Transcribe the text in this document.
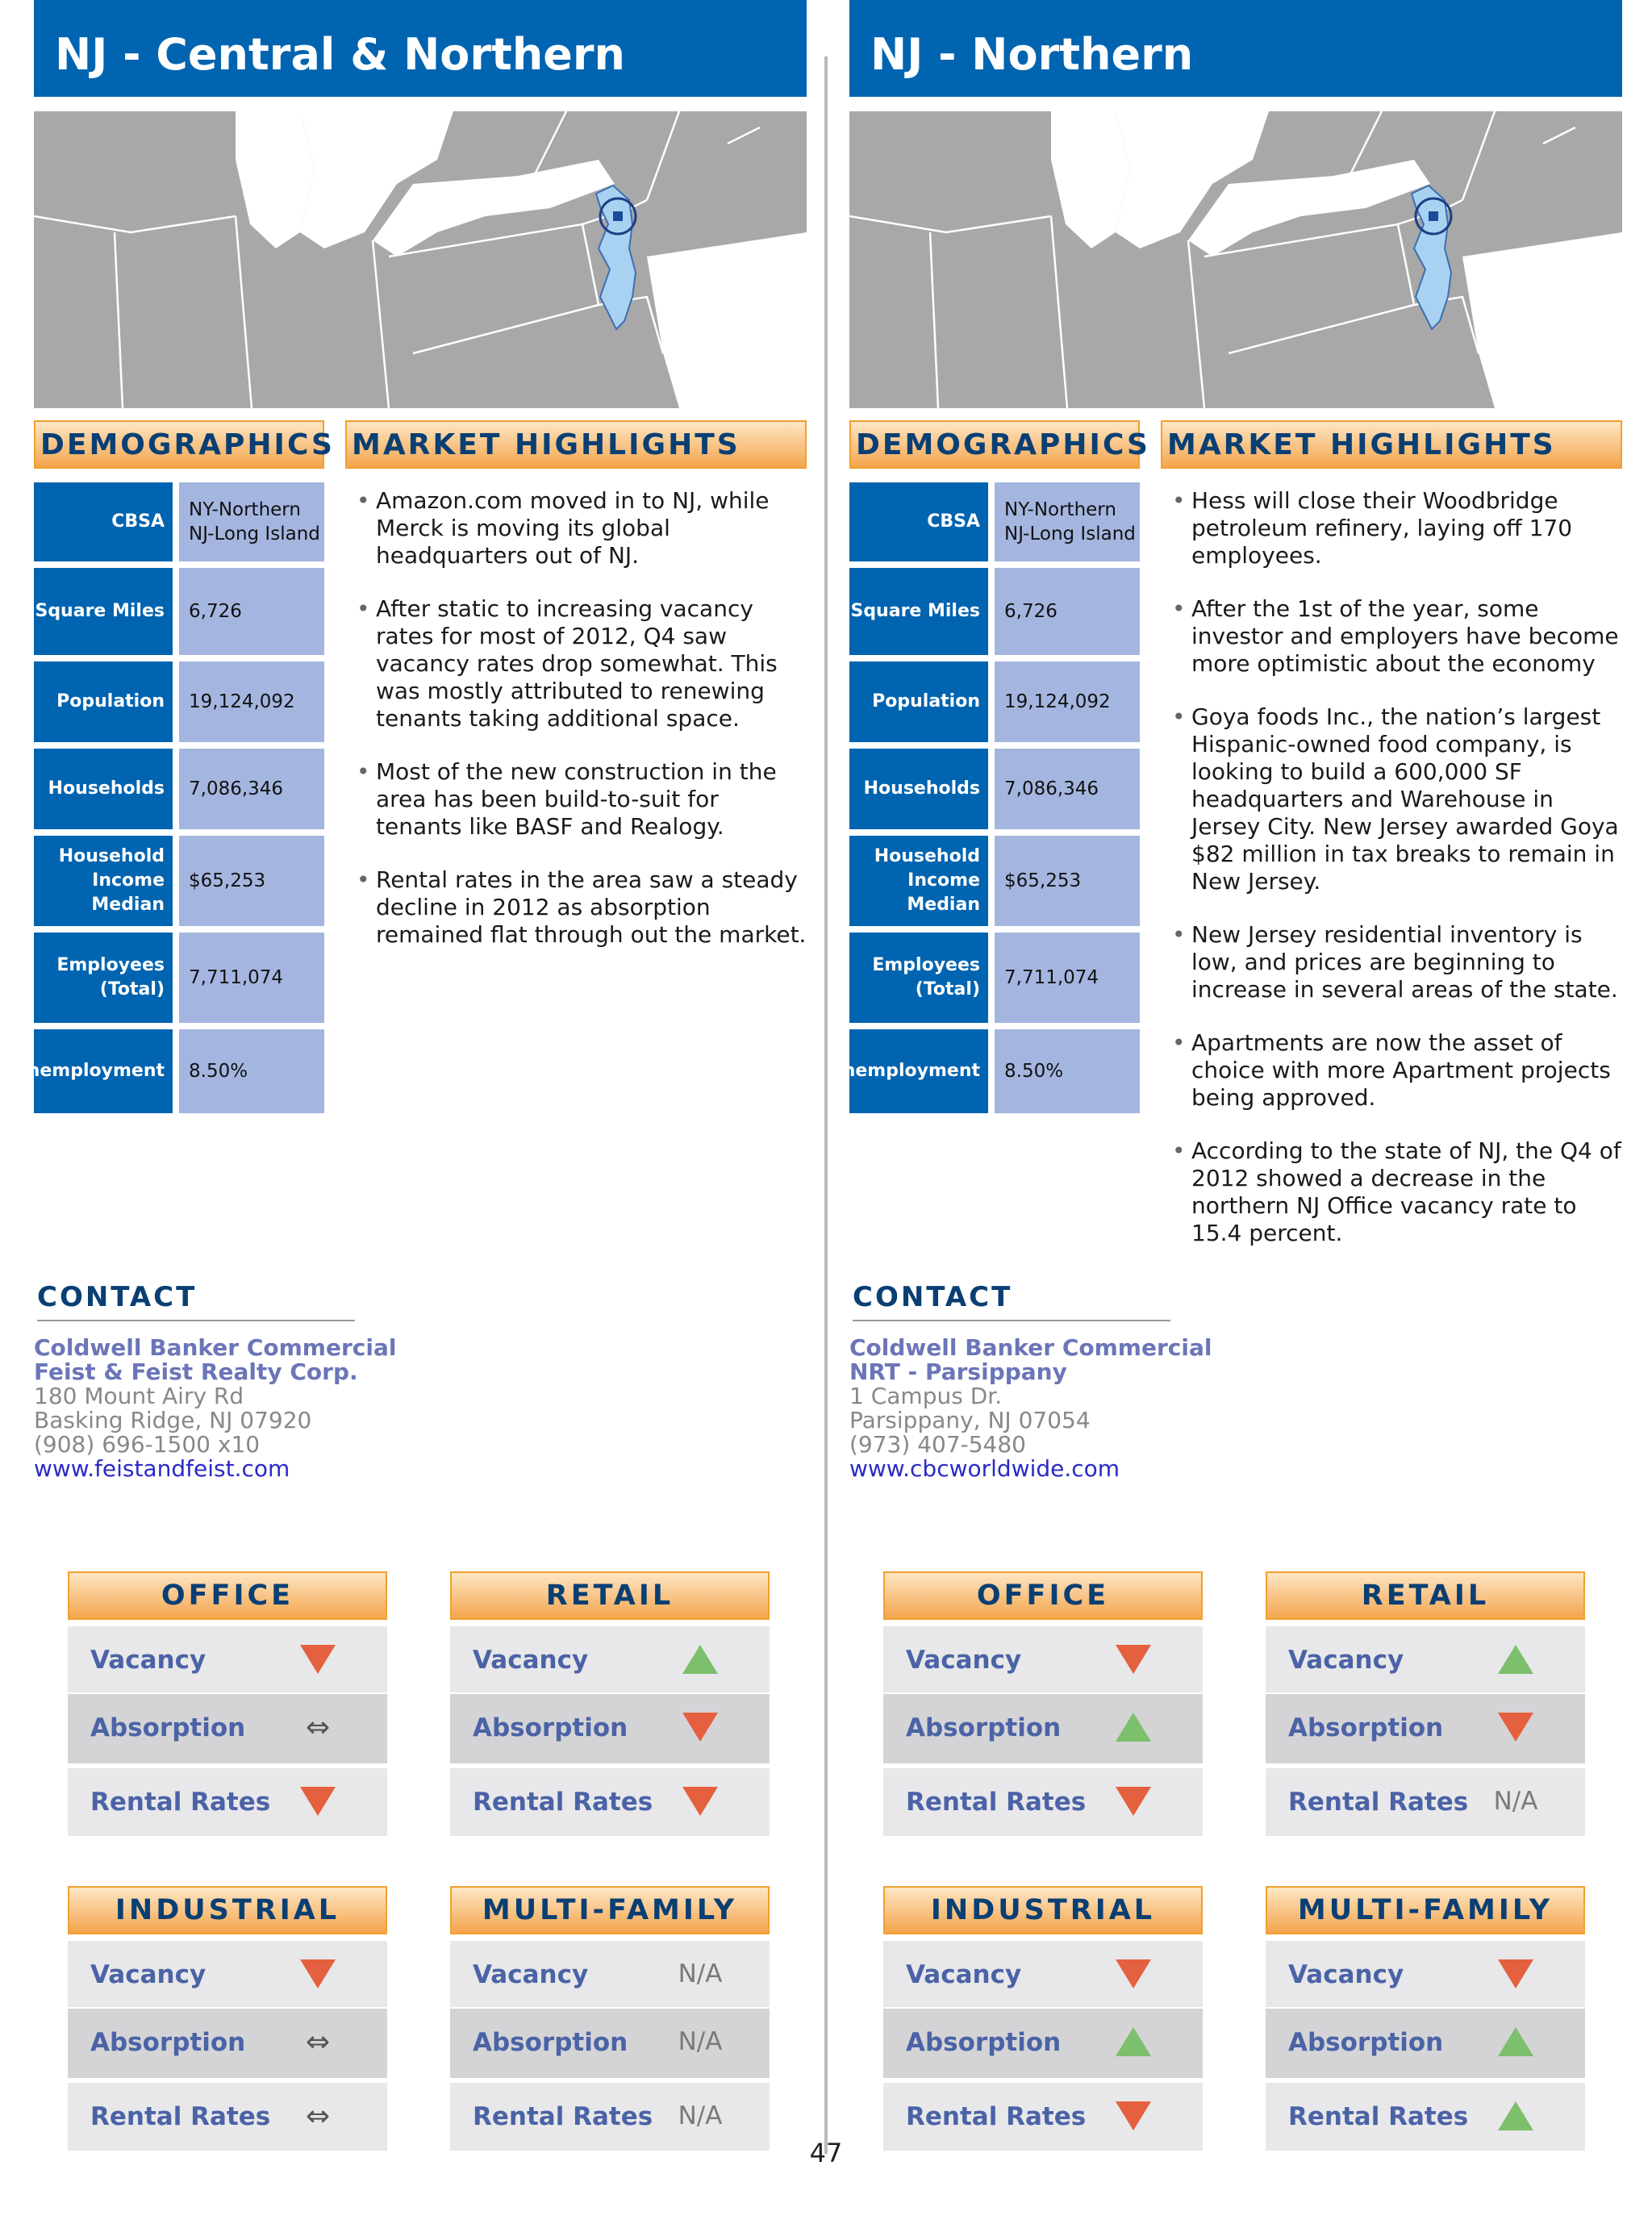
47
NJ - Central & Northern
DEMOGRAPHICS MARKET HIGHLIGHTS
CBSA
NY-Northern
NJ-Long Island
Square Miles 6,726
Population 19,124,092
Households 7,086,346
Household
Income Median
$65,253
Employees
(Total)
7,711,074
Unemployment 8.50%
• Amazon.com moved in to NJ, while Merck is moving its global headquarters out of NJ.
• After static to increasing vacancy rates for most of 2012, Q4 saw vacancy rates drop somewhat. This was mostly attributed to renewing tenants taking additional space.
• Most of the new construction in the area has been build-to-suit for tenants like BASF and Realogy.
• Rental rates in the area saw a steady decline in 2012 as absorption remained flat through out the market.
CONTACT
Coldwell Banker Commercial
Feist & Feist Realty Corp.
180 Mount Airy Rd
Basking Ridge, NJ 07920
(908) 696-1500 x10
www.feistandfeist.com
OFFICE
Vacancy
Absorption ⇔
Rental Rates
RETAIL
Vacancy
Absorption
Rental Rates
INDUSTRIAL
Vacancy
Absorption ⇔
Rental Rates ⇔
MULTI-FAMILY
Vacancy	N/A
Absorption N/A
Rental Rates N/A
NJ - Northern
DEMOGRAPHICS MARKET HIGHLIGHTS
CBSA
NY-Northern
NJ-Long Island
Square Miles 6,726
Population 19,124,092
Households 7,086,346
Household
Income Median
$65,253
Employees
(Total)
7,711,074
Unemployment 8.50%
• Hess will close their Woodbridge petroleum refinery, laying off 170 employees.
• After the 1st of the year, some investor and employers have become more optimistic about the economy
• Goya foods Inc., the nation’s largest Hispanic-owned food company, is looking to build a 600,000 SF headquarters and Warehouse in Jersey City. New Jersey awarded Goya $82 million in tax breaks to remain in New Jersey.
• New Jersey residential inventory is low, and prices are beginning to increase in several areas of the state.
• Apartments are now the asset of choice with more Apartment projects being approved.
• According to the state of NJ, the Q4 of 2012 showed a decrease in the northern NJ Office vacancy rate to 15.4 percent.
CONTACT
Coldwell Banker Commercial
NRT - Parsippany
1 Campus Dr.
Parsippany, NJ 07054
(973) 407-5480
www.cbcworldwide.com
OFFICE
Vacancy
Absorption
Rental Rates
RETAIL
Vacancy
Absorption
Rental Rates N/A
INDUSTRIAL
Vacancy
Absorption
Rental Rates
MULTI-FAMILY
Vacancy
Absorption
Rental Rates
